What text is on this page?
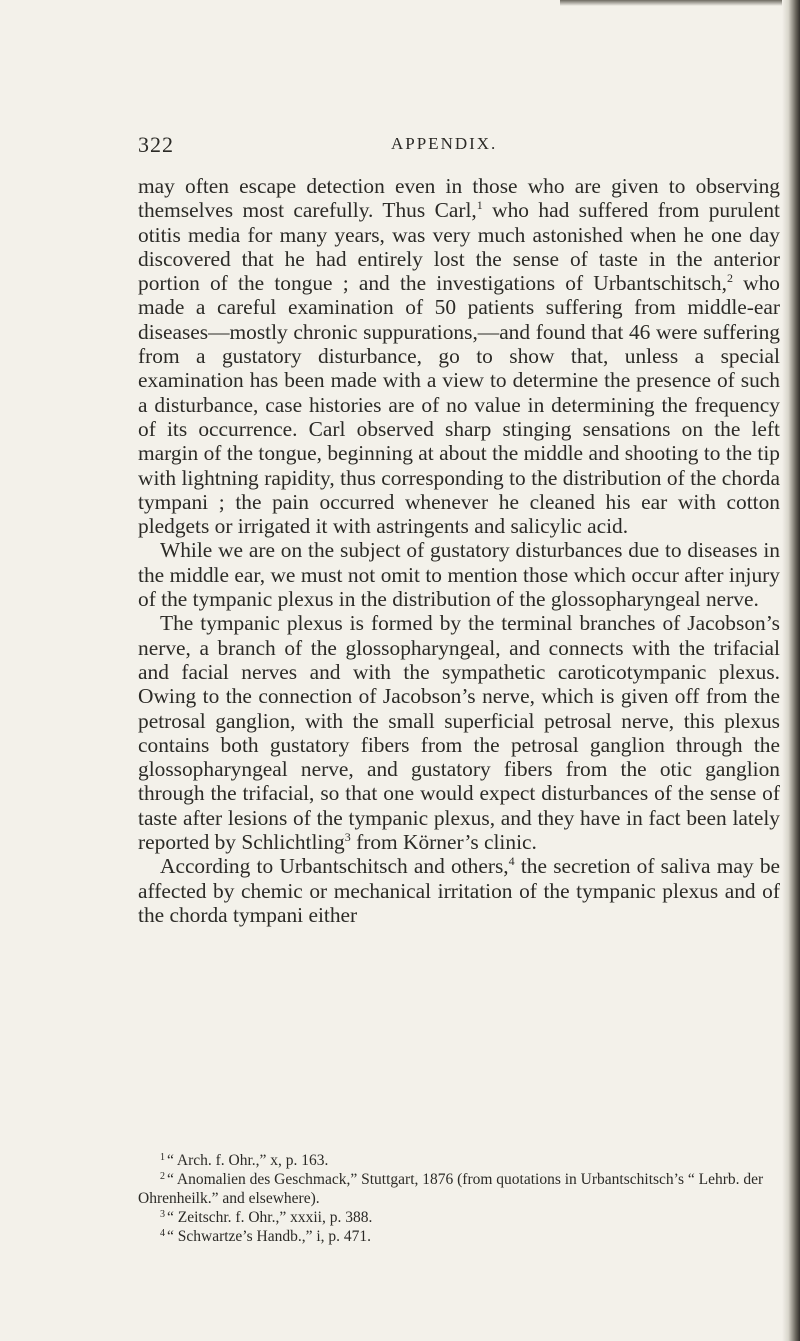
322	APPENDIX.

may often escape detection even in those who are given to observing themselves most carefully. Thus Carl,$^1$ who had suffered from purulent otitis media for many years, was very much astonished when he one day discovered that he had entirely lost the sense of taste in the anterior portion of the tongue ; and the investigations of Urbantschitsch,$^2$ who made a careful examination of 50 patients suffering from middle-ear diseases—mostly chronic suppurations,—and found that 46 were suffering from a gustatory disturbance, go to show that, unless a special examination has been made with a view to determine the presence of such a disturbance, case histories are of no value in determining the frequency of its occurrence. Carl observed sharp stinging sensations on the left margin of the tongue, beginning at about the middle and shooting to the tip with lightning rapidity, thus corresponding to the distribution of the chorda tympani ; the pain occurred whenever he cleaned his ear with cotton pledgets or irrigated it with astringents and salicylic acid.

While we are on the subject of gustatory disturbances due to diseases in the middle ear, we must not omit to mention those which occur after injury of the tympanic plexus in the distribution of the glossopharyngeal nerve.

The tympanic plexus is formed by the terminal branches of Jacobson’s nerve, a branch of the glossopharyngeal, and connects with the trifacial and facial nerves and with the sympathetic caroticotympanic plexus. Owing to the connection of Jacobson’s nerve, which is given off from the petrosal ganglion, with the small superficial petrosal nerve, this plexus contains both gustatory fibers from the petrosal ganglion through the glossopharyngeal nerve, and gustatory fibers from the otic ganglion through the trifacial, so that one would expect disturbances of the sense of taste after lesions of the tympanic plexus, and they have in fact been lately reported by Schlichtling$^3$ from Körner’s clinic.

According to Urbantschitsch and others,$^4$ the secretion of saliva may be affected by chemic or mechanical irritation of the tympanic plexus and of the chorda tympani either

$^1$ “ Arch. f. Ohr.,” x, p. 163.

$^2$ “ Anomalien des Geschmack,” Stuttgart, 1876 (from quotations in Urbantschitsch’s “ Lehrb. der Ohrenheilk.” and elsewhere).

$^3$ “ Zeitschr. f. Ohr.,” xxxii, p. 388.

$^4$ “ Schwartze’s Handb.,” i, p. 471.
